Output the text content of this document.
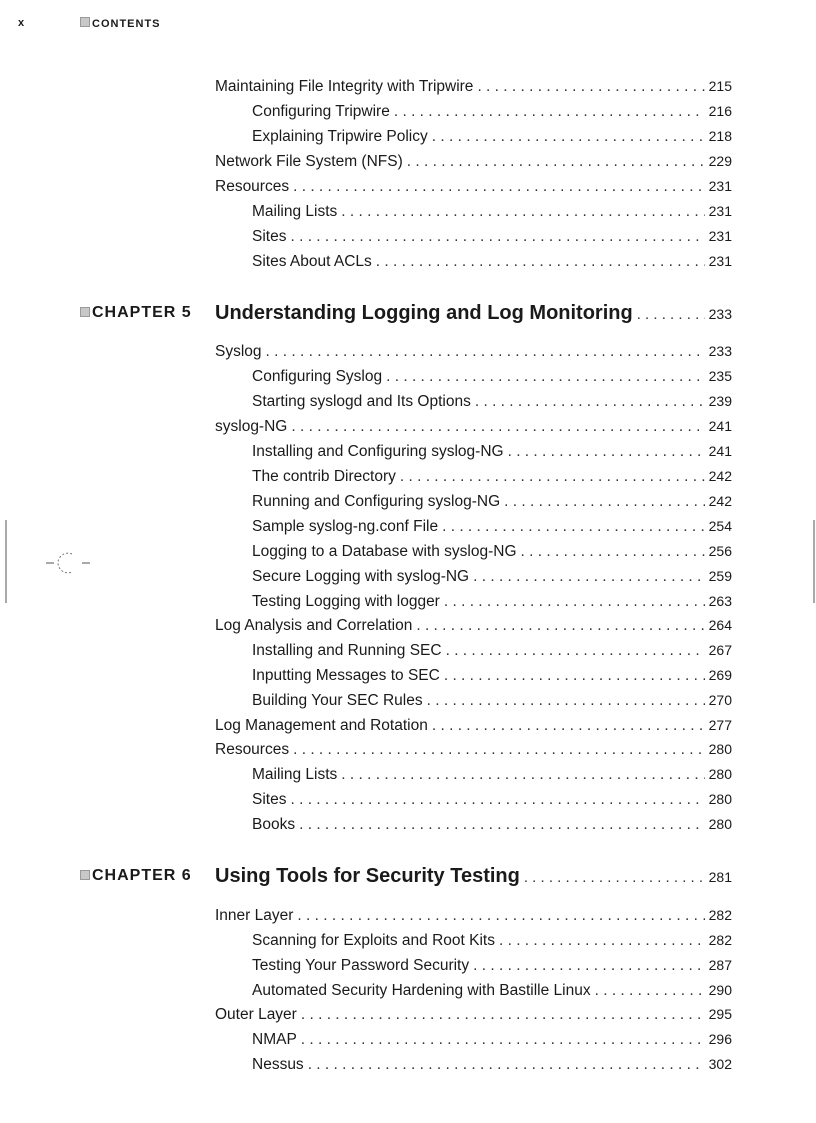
x	CONTENTS
Maintaining File Integrity with Tripwire . . .	215
Configuring Tripwire . . .	216
Explaining Tripwire Policy . . .	218
Network File System (NFS) . . .	229
Resources . . .	231
Mailing Lists . . .	231
Sites . . .	231
Sites About ACLs . . .	231
CHAPTER 5 Understanding Logging and Log Monitoring . . .	233
Syslog . . .	233
Configuring Syslog . . .	235
Starting syslogd and Its Options . . .	239
syslog-NG . . .	241
Installing and Configuring syslog-NG . . .	241
The contrib Directory . . .	242
Running and Configuring syslog-NG . . .	242
Sample syslog-ng.conf File . . .	254
Logging to a Database with syslog-NG . . .	256
Secure Logging with syslog-NG . . .	259
Testing Logging with logger . . .	263
Log Analysis and Correlation . . .	264
Installing and Running SEC . . .	267
Inputting Messages to SEC . . .	269
Building Your SEC Rules . . .	270
Log Management and Rotation . . .	277
Resources . . .	280
Mailing Lists . . .	280
Sites . . .	280
Books . . .	280
CHAPTER 6 Using Tools for Security Testing . . .	281
Inner Layer . . .	282
Scanning for Exploits and Root Kits . . .	282
Testing Your Password Security . . .	287
Automated Security Hardening with Bastille Linux . . .	290
Outer Layer . . .	295
NMAP . . .	296
Nessus . . .	302
